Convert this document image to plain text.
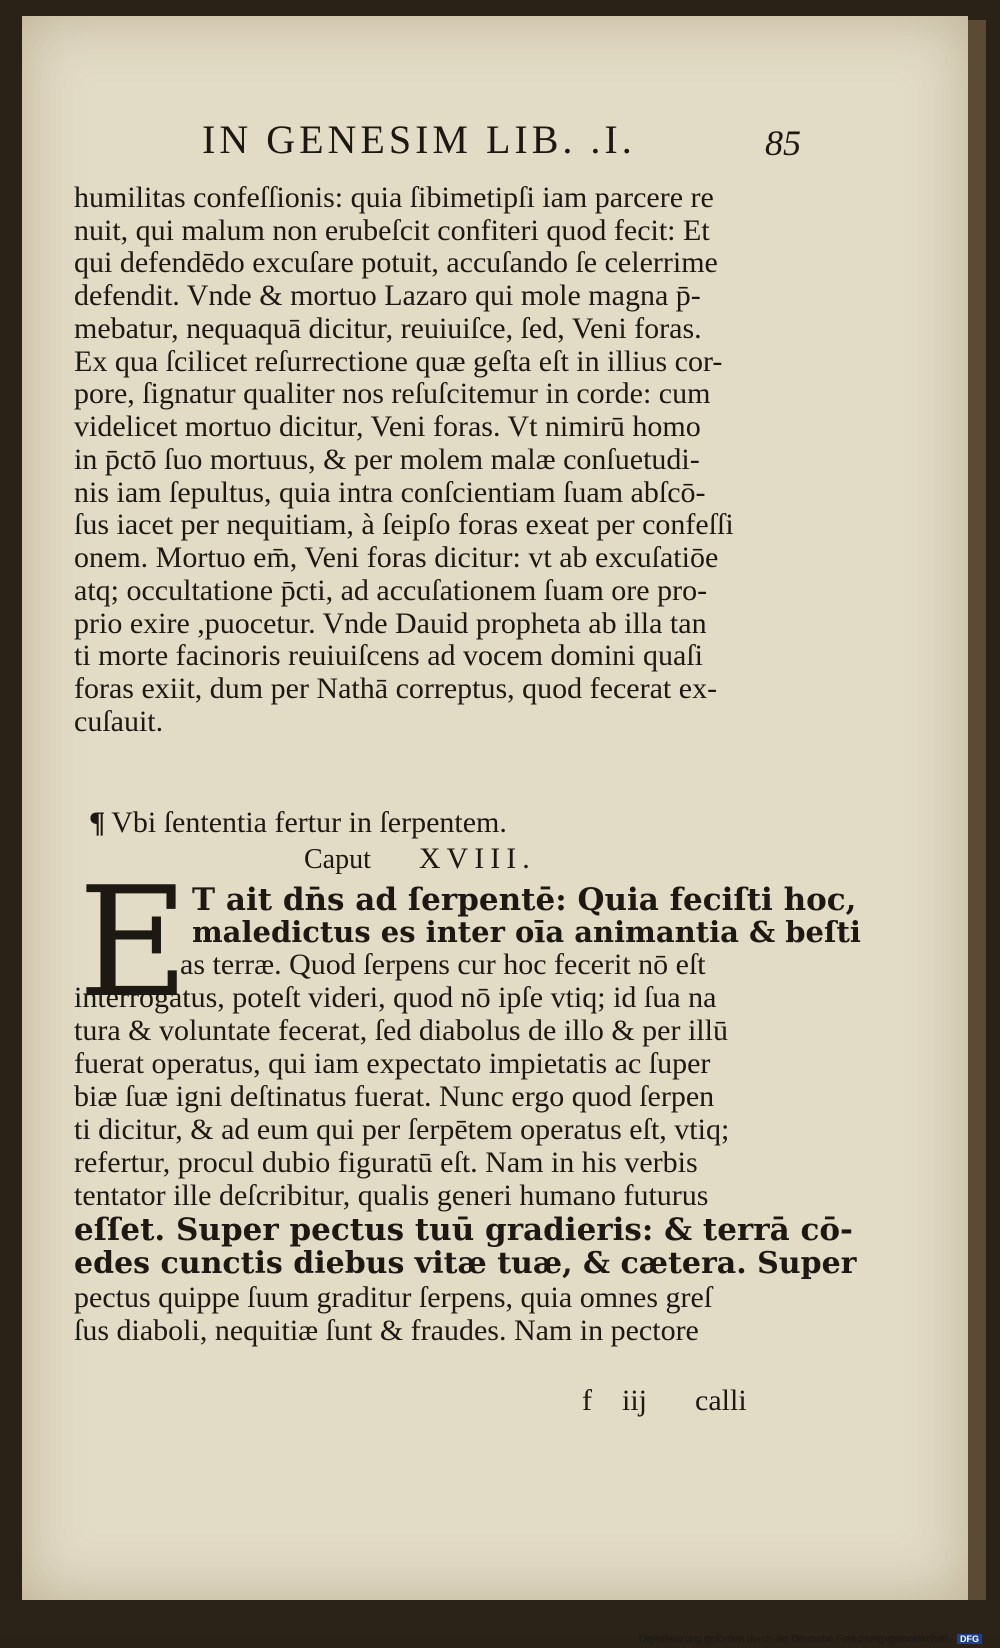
IN GENESIM LIB. .I.	85
humilitas confeſſionis: quia ſibimetipſi iam parcere re
nuit, qui malum non erubeſcit confiteri quod fecit: Et
qui defendēdo excuſare potuit, accuſando ſe celerrime
defendit. Vnde & mortuo Lazaro qui mole magna p̄-
mebatur, nequaquā dicitur, reuiuiſce, ſed, Veni foras.
Ex qua ſcilicet reſurrectione quæ geſta eſt in illius cor-
pore, ſignatur qualiter nos reſuſcitemur in corde: cum
videlicet mortuo dicitur, Veni foras. Vt nimirū homo
in p̄ctō ſuo mortuus, & per molem malæ conſuetudi-
nis iam ſepultus, quia intra conſcientiam ſuam abſcō-
ſus iacet per nequitiam, à ſeipſo foras exeat per confeſſi
onem. Mortuo em̄, Veni foras dicitur: vt ab excuſatiōe
atq; occultatione p̄cti, ad accuſationem ſuam ore pro-
prio exire ,puocetur. Vnde Dauid propheta ab illa tan
ti morte facinoris reuiuiſcens ad vocem domini quaſi
foras exiit, dum per Nathā correptus, quod fecerat ex-
cuſauit.
¶ Vbi ſententia fertur in ſerpentem.
Caput XVIII.
E T ait dn̄s ad ſerpentē: Quia feciſti hoc,
maledictus es inter oīa animantia & beſti
as terræ. Quod ſerpens cur hoc fecerit nō eſt
interrogatus, poteſt videri, quod nō ipſe vtiq; id ſua na
tura & voluntate fecerat, ſed diabolus de illo & per illū
fuerat operatus, qui iam expectato impietatis ac ſuper
biæ ſuæ igni deſtinatus fuerat. Nunc ergo quod ſerpen
ti dicitur, & ad eum qui per ſerpētem operatus eſt, vtiq;
refertur, procul dubio figuratū eſt. Nam in his verbis
tentator ille deſcribitur, qualis generi humano futurus
eſſet. Super pectus tuū gradieris: & terrā cō-
edes cunctis diebus vitæ tuæ, & cætera. Super
pectus quippe ſuum graditur ſerpens, quia omnes greſ
ſus diaboli, nequitiæ ſunt & fraudes. Nam in pectore
f iij calli
Digitalisierung gefördert durch die Deutsche Forschungsgemeinschaft - DFG
